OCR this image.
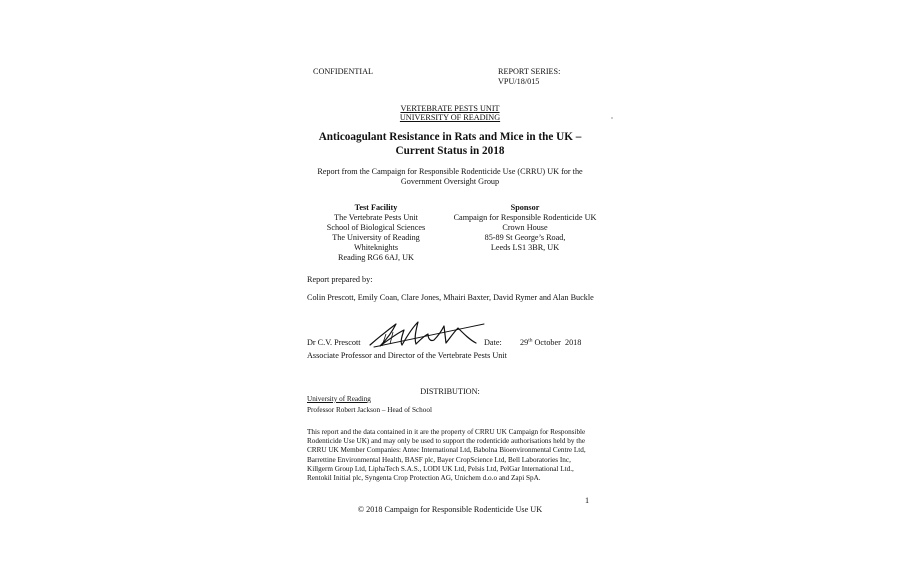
CONFIDENTIAL	REPORT SERIES:
VPU/18/015
VERTEBRATE PESTS UNIT
UNIVERSITY OF READING
Anticoagulant Resistance in Rats and Mice in the UK –
Current Status in 2018
Report from the Campaign for Responsible Rodenticide Use (CRRU) UK for the
Government Oversight Group
Test Facility
The Vertebrate Pests Unit
School of Biological Sciences
The University of Reading
Whiteknights
Reading RG6 6AJ, UK
Sponsor
Campaign for Responsible Rodenticide UK
Crown House
85-89 St George’s Road,
Leeds LS1 3BR, UK
Report prepared by:
Colin Prescott, Emily Coan, Clare Jones, Mhairi Baxter, David Rymer and Alan Buckle
Dr C.V. Prescott	Date: 29th October  2018
Associate Professor and Director of the Vertebrate Pests Unit
DISTRIBUTION:
University of Reading
Professor Robert Jackson – Head of School
This report and the data contained in it are the property of CRRU UK Campaign for Responsible
Rodenticide Use UK) and may only be used to support the rodenticide authorisations held by the
CRRU UK Member Companies: Antec International Ltd, Babolna Bioenvironmental Centre Ltd,
Barrettine Environmental Health, BASF plc, Bayer CropScience Ltd, Bell Laboratories Inc,
Killgerm Group Ltd, LiphaTech S.A.S., LODI UK Ltd, Pelsis Ltd, PelGar International Ltd.,
Rentokil Initial plc, Syngenta Crop Protection AG, Unichem d.o.o and Zapi SpA.
1
© 2018 Campaign for Responsible Rodenticide Use UK
